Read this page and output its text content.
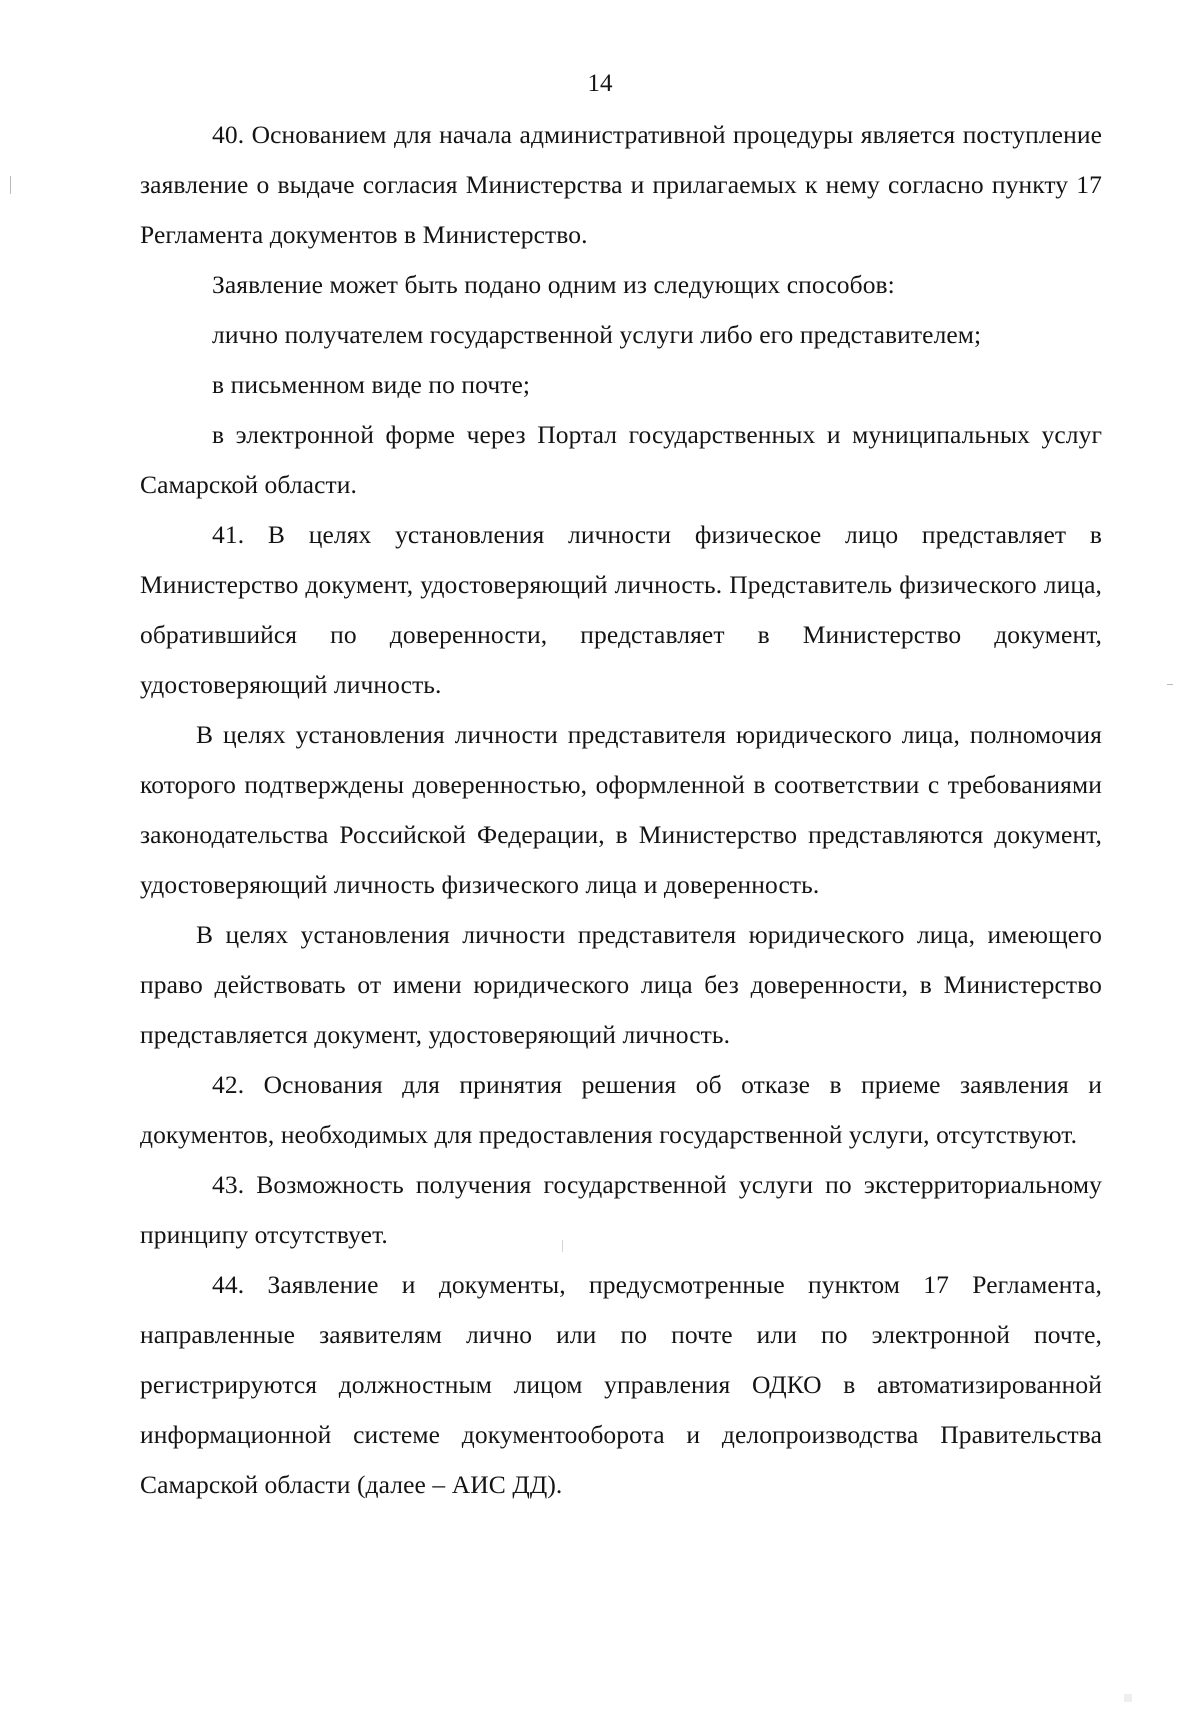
14

40. Основанием для начала административной процедуры является поступление заявление о выдаче согласия Министерства и прилагаемых к нему согласно пункту 17 Регламента документов в Министерство.

Заявление может быть подано одним из следующих способов:

лично получателем государственной услуги либо его представителем;

в письменном виде по почте;

в электронной форме через Портал государственных и муниципальных услуг Самарской области.

41. В целях установления личности физическое лицо представляет в Министерство документ, удостоверяющий личность. Представитель физического лица, обратившийся по доверенности, представляет в Министерство документ, удостоверяющий личность.

В целях установления личности представителя юридического лица, полномочия которого подтверждены доверенностью, оформленной в соответствии с требованиями законодательства Российской Федерации, в Министерство представляются документ, удостоверяющий личность физического лица и доверенность.

В целях установления личности представителя юридического лица, имеющего право действовать от имени юридического лица без доверенности, в Министерство представляется документ, удостоверяющий личность.

42. Основания для принятия решения об отказе в приеме заявления и документов, необходимых для предоставления государственной услуги, отсутствуют.

43. Возможность получения государственной услуги по экстерриториальному принципу отсутствует.

44. Заявление и документы, предусмотренные пунктом 17 Регламента, направленные заявителям лично или по почте или по электронной почте, регистрируются должностным лицом управления ОДКО в автоматизированной информационной системе документооборота и делопроизводства Правительства Самарской области (далее – АИС ДД).
